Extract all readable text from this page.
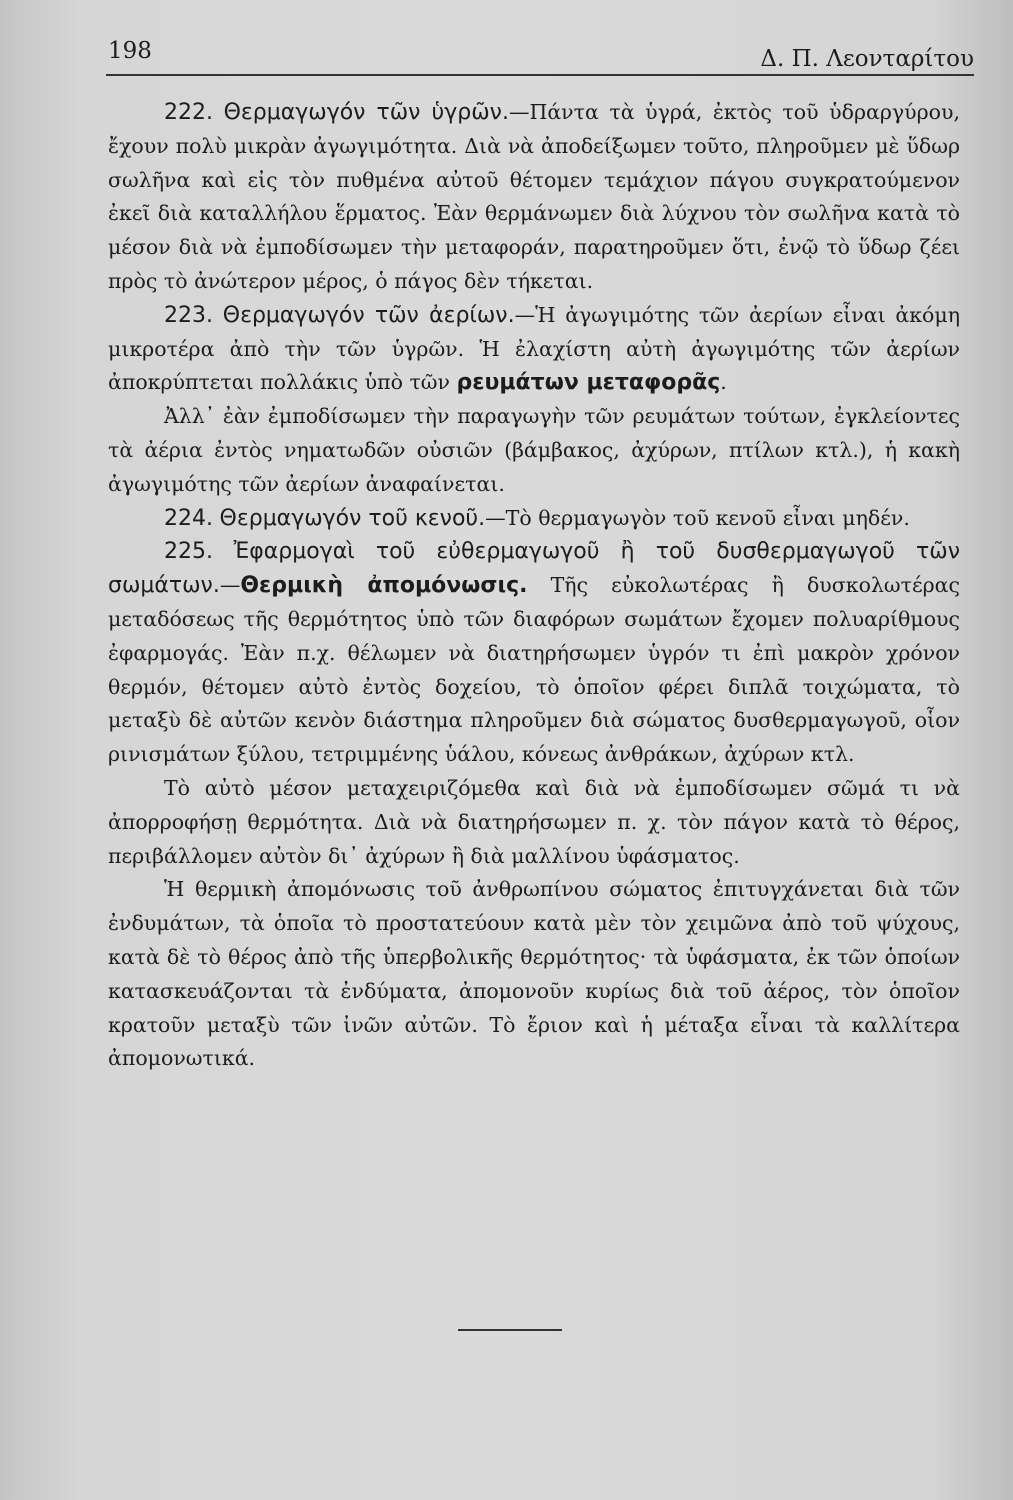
198	Δ. Π. Λεονταρίτου

222. Θερμαγωγόν τῶν ὑγρῶν.—Πάντα τὰ ὑγρά, ἐκτὸς τοῦ ὑδραργύρου, ἔχουν πολὺ μικρὰν ἀγωγιμότητα. Διὰ νὰ ἀποδείξωμεν τοῦτο, πληροῦμεν μὲ ὕδωρ σωλῆνα καὶ εἰς τὸν πυθμένα αὐτοῦ θέτομεν τεμάχιον πάγου συγκρατούμενον ἐκεῖ διὰ καταλλήλου ἕρματος. Ἐὰν θερμάνωμεν διὰ λύχνου τὸν σωλῆνα κατὰ τὸ μέσον διὰ νὰ ἐμποδίσωμεν τὴν μεταφοράν, παρατηροῦμεν ὅτι, ἐνῷ τὸ ὕδωρ ζέει πρὸς τὸ ἀνώτερον μέρος, ὁ πάγος δὲν τήκεται.

223. Θερμαγωγόν τῶν ἀερίων.—Ἡ ἀγωγιμότης τῶν ἀερίων εἶναι ἀκόμη μικροτέρα ἀπὸ τὴν τῶν ὑγρῶν. Ἡ ἐλαχίστη αὐτὴ ἀγωγιμότης τῶν ἀερίων ἀποκρύπτεται πολλάκις ὑπὸ τῶν ρευμάτων μεταφορᾶς.

Ἀλλ᾽ ἐὰν ἐμποδίσωμεν τὴν παραγωγὴν τῶν ρευμάτων τούτων, ἐγκλείοντες τὰ ἀέρια ἐντὸς νηματωδῶν οὐσιῶν (βάμβακος, ἀχύρων, πτίλων κτλ.), ἡ κακὴ ἀγωγιμότης τῶν ἀερίων ἀναφαίνεται.

224. Θερμαγωγόν τοῦ κενοῦ.—Τὸ θερμαγωγὸν τοῦ κενοῦ εἶναι μηδέν.

225. Ἐφαρμογαὶ τοῦ εὐθερμαγωγοῦ ἢ τοῦ δυσθερμαγωγοῦ τῶν σωμάτων.—Θερμικὴ ἀπομόνωσις. Τῆς εὐκολωτέρας ἢ δυσκολωτέρας μεταδόσεως τῆς θερμότητος ὑπὸ τῶν διαφόρων σωμάτων ἔχομεν πολυαρίθμους ἐφαρμογάς. Ἐὰν π.χ. θέλωμεν νὰ διατηρήσωμεν ὑγρόν τι ἐπὶ μακρὸν χρόνον θερμόν, θέτομεν αὐτὸ ἐντὸς δοχείου, τὸ ὁποῖον φέρει διπλᾶ τοιχώματα, τὸ μεταξὺ δὲ αὐτῶν κενὸν διάστημα πληροῦμεν διὰ σώματος δυσθερμαγωγοῦ, οἷον ρινισμάτων ξύλου, τετριμμένης ὑάλου, κόνεως ἀνθράκων, ἀχύρων κτλ.

Τὸ αὐτὸ μέσον μεταχειριζόμεθα καὶ διὰ νὰ ἐμποδίσωμεν σῶμά τι νὰ ἀπορροφήσῃ θερμότητα. Διὰ νὰ διατηρήσωμεν π. χ. τὸν πάγον κατὰ τὸ θέρος, περιβάλλομεν αὐτὸν δι᾽ ἀχύρων ἢ διὰ μαλλίνου ὑφάσματος.

Ἡ θερμικὴ ἀπομόνωσις τοῦ ἀνθρωπίνου σώματος ἐπιτυγχάνεται διὰ τῶν ἐνδυμάτων, τὰ ὁποῖα τὸ προστατεύουν κατὰ μὲν τὸν χειμῶνα ἀπὸ τοῦ ψύχους, κατὰ δὲ τὸ θέρος ἀπὸ τῆς ὑπερβολικῆς θερμότητος· τὰ ὑφάσματα, ἐκ τῶν ὁποίων κατασκευάζονται τὰ ἐνδύματα, ἀπομονοῦν κυρίως διὰ τοῦ ἀέρος, τὸν ὁποῖον κρατοῦν μεταξὺ τῶν ἰνῶν αὐτῶν. Τὸ ἔριον καὶ ἡ μέταξα εἶναι τὰ καλλίτερα ἀπομονωτικά.
